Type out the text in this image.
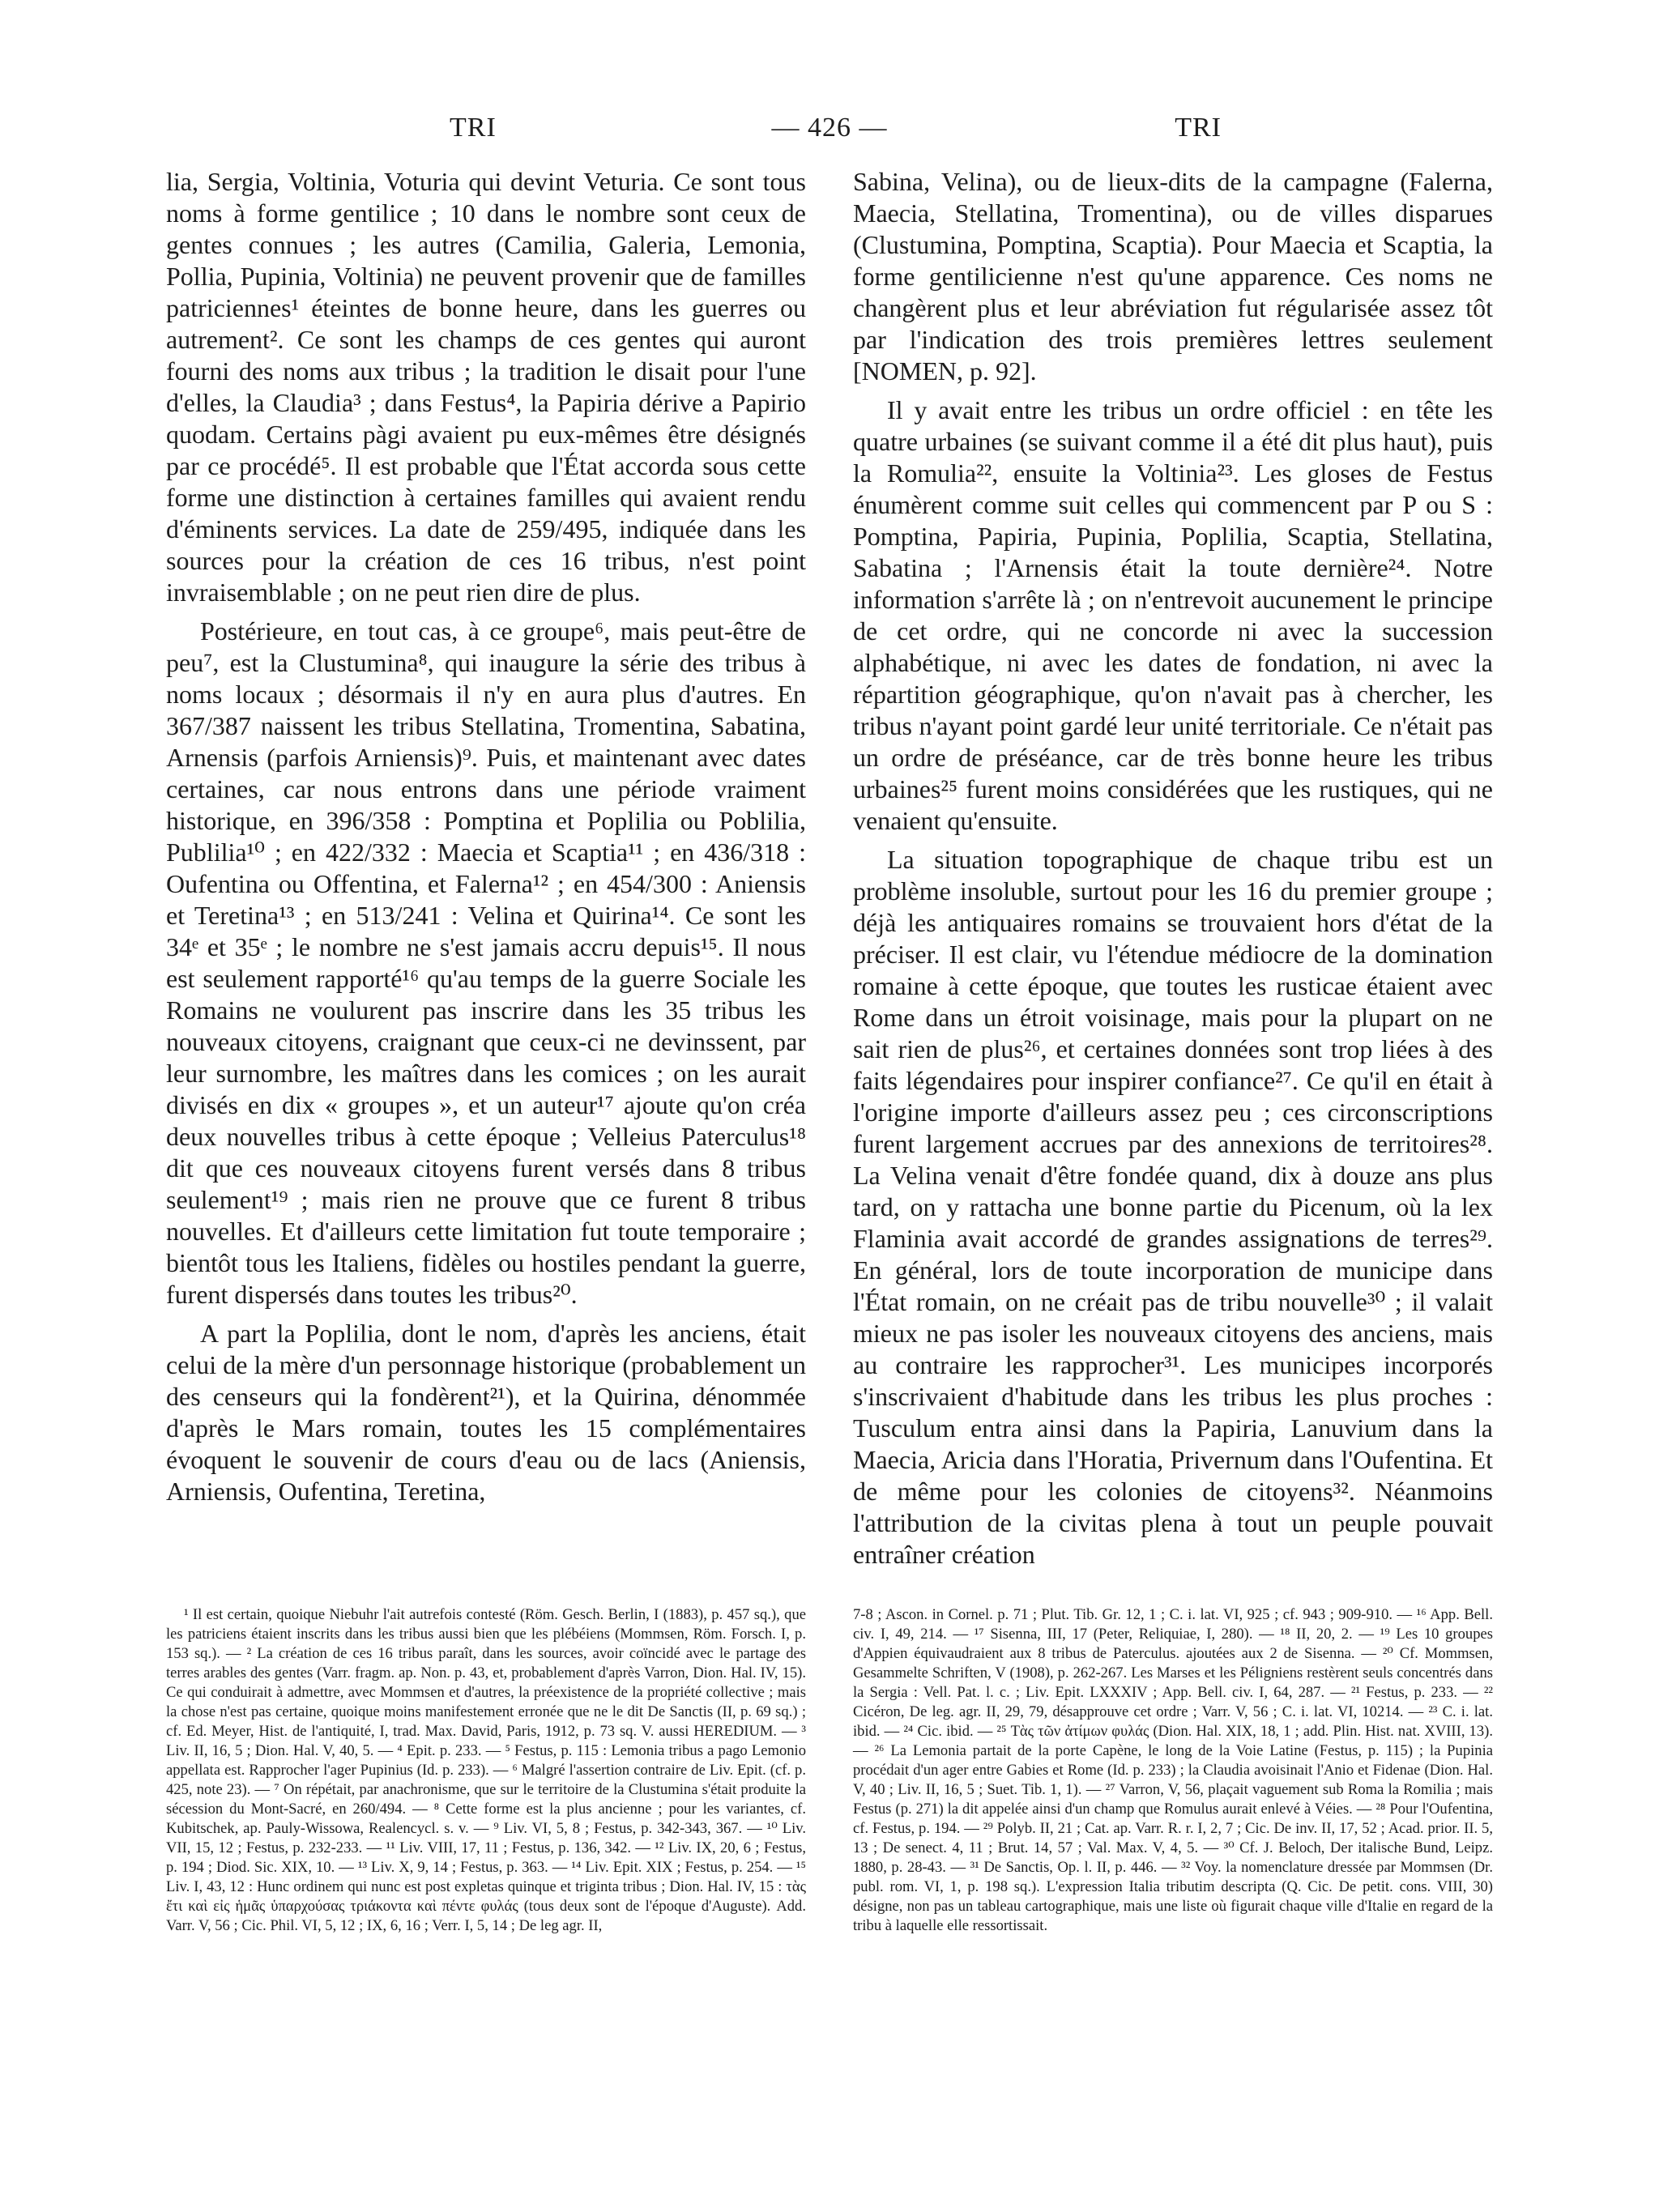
TRI	— 426 —	TRI

lia, Sergia, Voltinia, Voturia qui devint Veturia. Ce sont tous noms à forme gentilice ; 10 dans le nombre sont ceux de gentes connues ; les autres (Camilia, Galeria, Lemonia, Pollia, Pupinia, Voltinia) ne peuvent provenir que de familles patriciennes¹ éteintes de bonne heure, dans les guerres ou autrement². Ce sont les champs de ces gentes qui auront fourni des noms aux tribus ; la tradition le disait pour l'une d'elles, la Claudia³ ; dans Festus⁴, la Papiria dérive a Papirio quodam. Certains pàgi avaient pu eux-mêmes être désignés par ce procédé⁵. Il est probable que l'État accorda sous cette forme une distinction à certaines familles qui avaient rendu d'éminents services. La date de 259/495, indiquée dans les sources pour la création de ces 16 tribus, n'est point invraisemblable ; on ne peut rien dire de plus.

Postérieure, en tout cas, à ce groupe⁶, mais peut-être de peu⁷, est la Clustumina⁸, qui inaugure la série des tribus à noms locaux ; désormais il n'y en aura plus d'autres. En 367/387 naissent les tribus Stellatina, Tromentina, Sabatina, Arnensis (parfois Arniensis)⁹. Puis, et maintenant avec dates certaines, car nous entrons dans une période vraiment historique, en 396/358 : Pomptina et Poplilia ou Poblilia, Publilia¹⁰ ; en 422/332 : Maecia et Scaptia¹¹ ; en 436/318 : Oufentina ou Offentina, et Falerna¹² ; en 454/300 : Aniensis et Teretina¹³ ; en 513/241 : Velina et Quirina¹⁴. Ce sont les 34ᵉ et 35ᵉ ; le nombre ne s'est jamais accru depuis¹⁵. Il nous est seulement rapporté¹⁶ qu'au temps de la guerre Sociale les Romains ne voulurent pas inscrire dans les 35 tribus les nouveaux citoyens, craignant que ceux-ci ne devinssent, par leur surnombre, les maîtres dans les comices ; on les aurait divisés en dix « groupes », et un auteur¹⁷ ajoute qu'on créa deux nouvelles tribus à cette époque ; Velleius Paterculus¹⁸ dit que ces nouveaux citoyens furent versés dans 8 tribus seulement¹⁹ ; mais rien ne prouve que ce furent 8 tribus nouvelles. Et d'ailleurs cette limitation fut toute temporaire ; bientôt tous les Italiens, fidèles ou hostiles pendant la guerre, furent dispersés dans toutes les tribus²⁰.

A part la Poplilia, dont le nom, d'après les anciens, était celui de la mère d'un personnage historique (probablement un des censeurs qui la fondèrent²¹), et la Quirina, dénommée d'après le Mars romain, toutes les 15 complémentaires évoquent le souvenir de cours d'eau ou de lacs (Aniensis, Arniensis, Oufentina, Teretina,

Sabina, Velina), ou de lieux-dits de la campagne (Falerna, Maecia, Stellatina, Tromentina), ou de villes disparues (Clustumina, Pomptina, Scaptia). Pour Maecia et Scaptia, la forme gentilicienne n'est qu'une apparence. Ces noms ne changèrent plus et leur abréviation fut régularisée assez tôt par l'indication des trois premières lettres seulement [NOMEN, p. 92].

Il y avait entre les tribus un ordre officiel : en tête les quatre urbaines (se suivant comme il a été dit plus haut), puis la Romulia²², ensuite la Voltinia²³. Les gloses de Festus énumèrent comme suit celles qui commencent par P ou S : Pomptina, Papiria, Pupinia, Poplilia, Scaptia, Stellatina, Sabatina ; l'Arnensis était la toute dernière²⁴. Notre information s'arrête là ; on n'entrevoit aucunement le principe de cet ordre, qui ne concorde ni avec la succession alphabétique, ni avec les dates de fondation, ni avec la répartition géographique, qu'on n'avait pas à chercher, les tribus n'ayant point gardé leur unité territoriale. Ce n'était pas un ordre de préséance, car de très bonne heure les tribus urbaines²⁵ furent moins considérées que les rustiques, qui ne venaient qu'ensuite.

La situation topographique de chaque tribu est un problème insoluble, surtout pour les 16 du premier groupe ; déjà les antiquaires romains se trouvaient hors d'état de la préciser. Il est clair, vu l'étendue médiocre de la domination romaine à cette époque, que toutes les rusticae étaient avec Rome dans un étroit voisinage, mais pour la plupart on ne sait rien de plus²⁶, et certaines données sont trop liées à des faits légendaires pour inspirer confiance²⁷. Ce qu'il en était à l'origine importe d'ailleurs assez peu ; ces circonscriptions furent largement accrues par des annexions de territoires²⁸. La Velina venait d'être fondée quand, dix à douze ans plus tard, on y rattacha une bonne partie du Picenum, où la lex Flaminia avait accordé de grandes assignations de terres²⁹. En général, lors de toute incorporation de municipe dans l'État romain, on ne créait pas de tribu nouvelle³⁰ ; il valait mieux ne pas isoler les nouveaux citoyens des anciens, mais au contraire les rapprocher³¹. Les municipes incorporés s'inscrivaient d'habitude dans les tribus les plus proches : Tusculum entra ainsi dans la Papiria, Lanuvium dans la Maecia, Aricia dans l'Horatia, Privernum dans l'Oufentina. Et de même pour les colonies de citoyens³². Néanmoins l'attribution de la civitas plena à tout un peuple pouvait entraîner création

¹ Il est certain, quoique Niebuhr l'ait autrefois contesté (Röm. Gesch. Berlin, I (1883), p. 457 sq.), que les patriciens étaient inscrits dans les tribus aussi bien que les plébéiens (Mommsen, Röm. Forsch. I, p. 153 sq.). — ² La création de ces 16 tribus paraît, dans les sources, avoir coïncidé avec le partage des terres arables des gentes (Varr. fragm. ap. Non. p. 43, et, probablement d'après Varron, Dion. Hal. IV, 15). Ce qui conduirait à admettre, avec Mommsen et d'autres, la préexistence de la propriété collective ; mais la chose n'est pas certaine, quoique moins manifestement erronée que ne le dit De Sanctis (II, p. 69 sq.) ; cf. Ed. Meyer, Hist. de l'antiquité, I, trad. Max. David, Paris, 1912, p. 73 sq. V. aussi HEREDIUM. — ³ Liv. II, 16, 5 ; Dion. Hal. V, 40, 5. — ⁴ Epit. p. 233. — ⁵ Festus, p. 115 : Lemonia tribus a pago Lemonio appellata est. Rapprocher l'ager Pupinius (Id. p. 233). — ⁶ Malgré l'assertion contraire de Liv. Epit. (cf. p. 425, note 23). — ⁷ On répétait, par anachronisme, que sur le territoire de la Clustumina s'était produite la sécession du Mont-Sacré, en 260/494. — ⁸ Cette forme est la plus ancienne ; pour les variantes, cf. Kubitschek, ap. Pauly-Wissowa, Realencycl. s. v. — ⁹ Liv. VI, 5, 8 ; Festus, p. 342-343, 367. — ¹⁰ Liv. VII, 15, 12 ; Festus, p. 232-233. — ¹¹ Liv. VIII, 17, 11 ; Festus, p. 136, 342. — ¹² Liv. IX, 20, 6 ; Festus, p. 194 ; Diod. Sic. XIX, 10. — ¹³ Liv. X, 9, 14 ; Festus, p. 363. — ¹⁴ Liv. Epit. XIX ; Festus, p. 254. — ¹⁵ Liv. I, 43, 12 : Hunc ordinem qui nunc est post expletas quinque et triginta tribus ; Dion. Hal. IV, 15 : τὰς ἔτι καὶ εἰς ἡμᾶς ὑπαρχούσας τριάκοντα καὶ πέντε φυλάς (tous deux sont de l'époque d'Auguste). Add. Varr. V, 56 ; Cic. Phil. VI, 5, 12 ; IX, 6, 16 ; Verr. I, 5, 14 ; De leg agr. II,

7-8 ; Ascon. in Cornel. p. 71 ; Plut. Tib. Gr. 12, 1 ; C. i. lat. VI, 925 ; cf. 943 ; 909-910. — ¹⁶ App. Bell. civ. I, 49, 214. — ¹⁷ Sisenna, III, 17 (Peter, Reliquiae, I, 280). — ¹⁸ II, 20, 2. — ¹⁹ Les 10 groupes d'Appien équivaudraient aux 8 tribus de Paterculus. ajoutées aux 2 de Sisenna. — ²⁰ Cf. Mommsen, Gesammelte Schriften, V (1908), p. 262-267. Les Marses et les Péligniens restèrent seuls concentrés dans la Sergia : Vell. Pat. l. c. ; Liv. Epit. LXXXIV ; App. Bell. civ. I, 64, 287. — ²¹ Festus, p. 233. — ²² Cicéron, De leg. agr. II, 29, 79, désapprouve cet ordre ; Varr. V, 56 ; C. i. lat. VI, 10214. — ²³ C. i. lat. ibid. — ²⁴ Cic. ibid. — ²⁵ Τὰς τῶν ἀτίμων φυλάς (Dion. Hal. XIX, 18, 1 ; add. Plin. Hist. nat. XVIII, 13). — ²⁶ La Lemonia partait de la porte Capène, le long de la Voie Latine (Festus, p. 115) ; la Pupinia procédait d'un ager entre Gabies et Rome (Id. p. 233) ; la Claudia avoisinait l'Anio et Fidenae (Dion. Hal. V, 40 ; Liv. II, 16, 5 ; Suet. Tib. 1, 1). — ²⁷ Varron, V, 56, plaçait vaguement sub Roma la Romilia ; mais Festus (p. 271) la dit appelée ainsi d'un champ que Romulus aurait enlevé à Véies. — ²⁸ Pour l'Oufentina, cf. Festus, p. 194. — ²⁹ Polyb. II, 21 ; Cat. ap. Varr. R. r. I, 2, 7 ; Cic. De inv. II, 17, 52 ; Acad. prior. II. 5, 13 ; De senect. 4, 11 ; Brut. 14, 57 ; Val. Max. V, 4, 5. — ³⁰ Cf. J. Beloch, Der italische Bund, Leipz. 1880, p. 28-43. — ³¹ De Sanctis, Op. l. II, p. 446. — ³² Voy. la nomenclature dressée par Mommsen (Dr. publ. rom. VI, 1, p. 198 sq.). L'expression Italia tributim descripta (Q. Cic. De petit. cons. VIII, 30) désigne, non pas un tableau cartographique, mais une liste où figurait chaque ville d'Italie en regard de la tribu à laquelle elle ressortissait.
